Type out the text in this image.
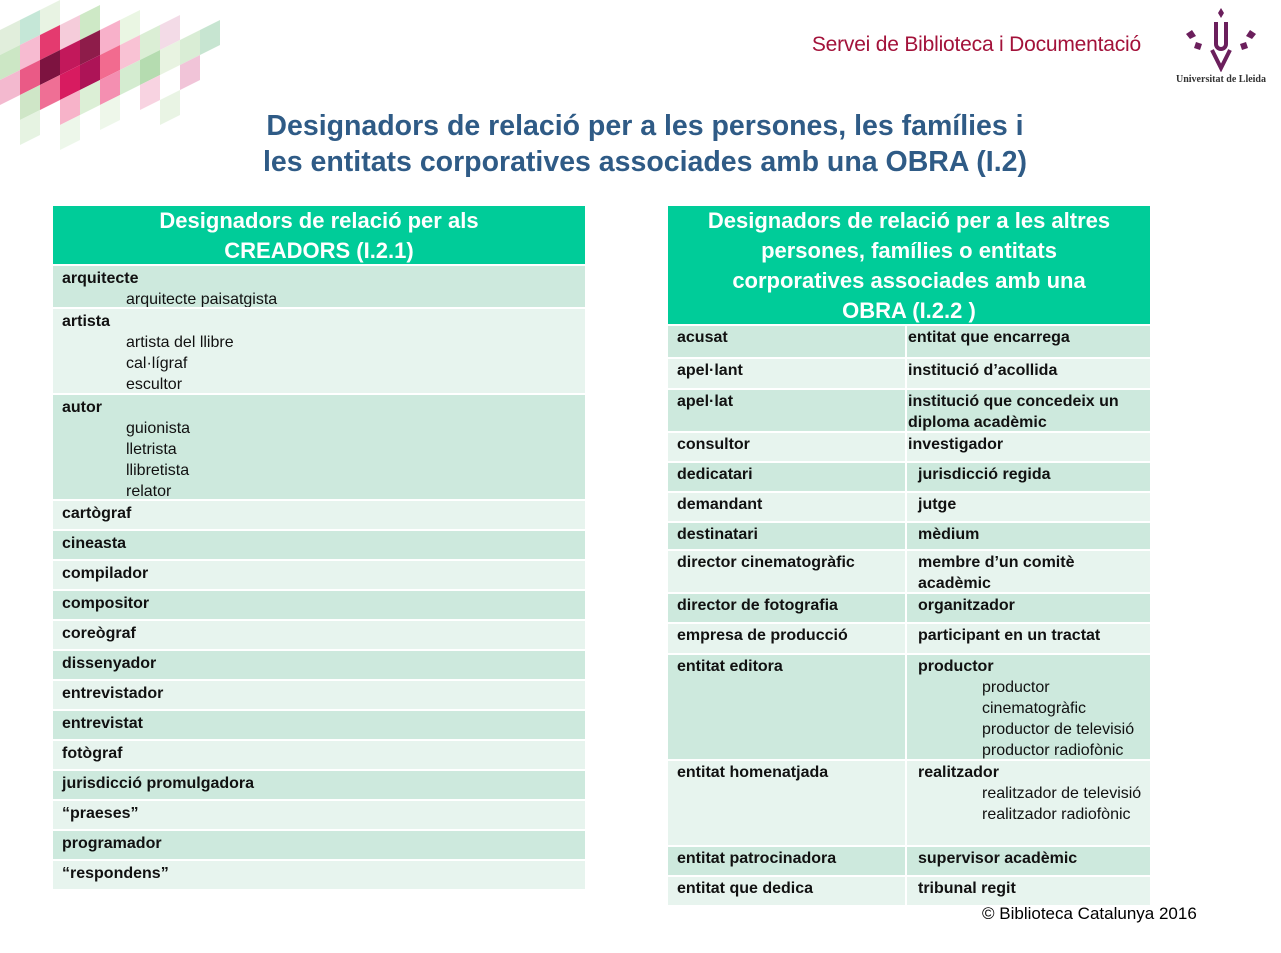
Servei de Biblioteca i Documentació
Universitat de Lleida
Designadors de relació per a les persones, les famílies i
les entitats corporatives associades amb una OBRA (I.2)
Designadors de relació per als
CREADORS (I.2.1)
arquitecte
arquitecte paisatgista
artista
artista del llibre
cal·lígraf
escultor
autor
guionista
lletrista
llibretista
relator
cartògraf
cineasta
compilador
compositor
coreògraf
dissenyador
entrevistador
entrevistat
fotògraf
jurisdicció promulgadora
“praeses”
programador
“respondens”
Designadors de relació per a les altres
persones, famílies o entitats
corporatives associades amb una
OBRA (I.2.2 )
acusat	entitat que encarrega
apel·lant	institució d’acollida
apel·lat	institució que concedeix un diploma acadèmic
consultor	investigador
dedicatari	jurisdicció regida
demandant	jutge
destinatari	mèdium
director cinematogràfic	membre d’un comitè acadèmic
director de fotografia	organitzador
empresa de producció	participant en un tractat
entitat editora	productor
productor cinematogràfic
productor de televisió
productor radiofònic
entitat homenatjada	realitzador
realitzador de televisió
realitzador radiofònic
entitat patrocinadora	supervisor acadèmic
entitat que dedica	tribunal regit
© Biblioteca Catalunya 2016
